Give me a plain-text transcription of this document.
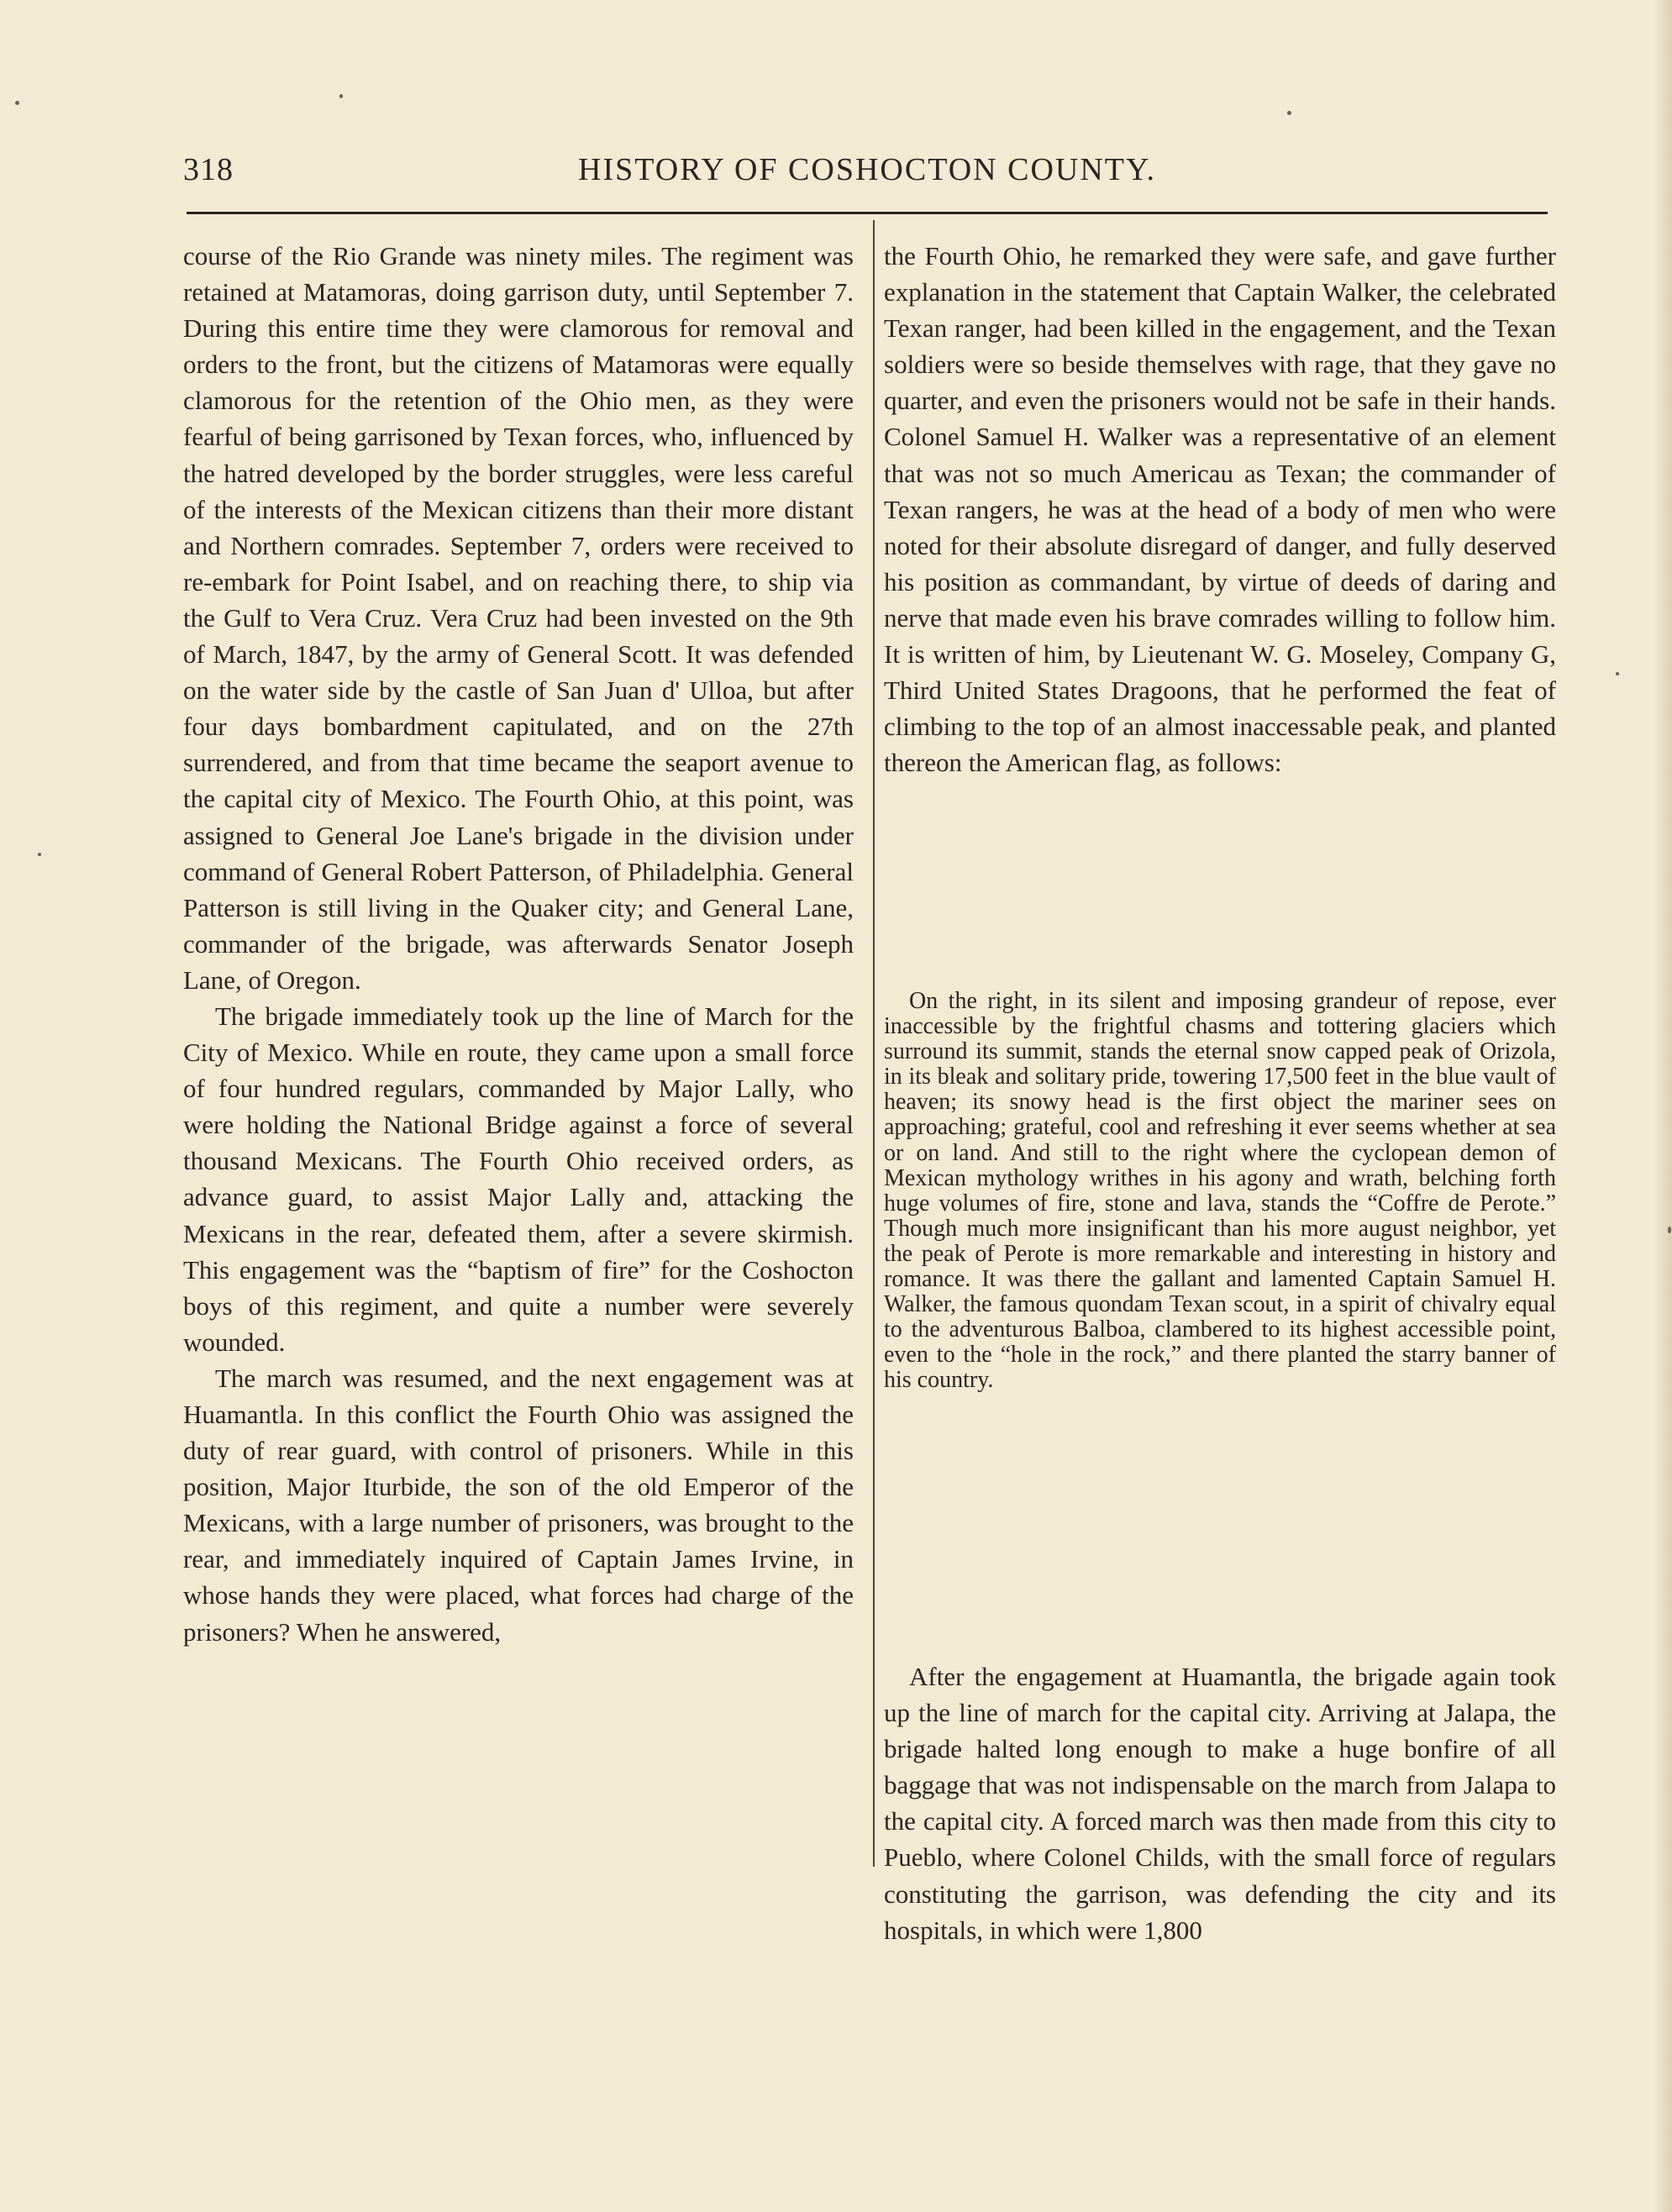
318	HISTORY OF COSHOCTON COUNTY.

course of the Rio Grande was ninety miles. The regiment was retained at Matamoras, doing garrison duty, until September 7. During this entire time they were clamorous for removal and orders to the front, but the citizens of Matamoras were equally clamorous for the retention of the Ohio men, as they were fearful of being garrisoned by Texan forces, who, influenced by the hatred developed by the border struggles, were less careful of the interests of the Mexican citizens than their more distant and Northern comrades. September 7, orders were received to re-embark for Point Isabel, and on reaching there, to ship via the Gulf to Vera Cruz. Vera Cruz had been invested on the 9th of March, 1847, by the army of General Scott. It was defended on the water side by the castle of San Juan d' Ulloa, but after four days bombardment capitulated, and on the 27th surrendered, and from that time became the seaport avenue to the capital city of Mexico. The Fourth Ohio, at this point, was assigned to General Joe Lane's brigade in the division under command of General Robert Patterson, of Philadelphia. General Patterson is still living in the Quaker city; and General Lane, commander of the brigade, was afterwards Senator Joseph Lane, of Oregon.

The brigade immediately took up the line of March for the City of Mexico. While en route, they came upon a small force of four hundred regulars, commanded by Major Lally, who were holding the National Bridge against a force of several thousand Mexicans. The Fourth Ohio received orders, as advance guard, to assist Major Lally and, attacking the Mexicans in the rear, defeated them, after a severe skirmish. This engagement was the “baptism of fire” for the Coshocton boys of this regiment, and quite a number were severely wounded.

The march was resumed, and the next engagement was at Huamantla. In this conflict the Fourth Ohio was assigned the duty of rear guard, with control of prisoners. While in this position, Major Iturbide, the son of the old Emperor of the Mexicans, with a large number of prisoners, was brought to the rear, and immediately inquired of Captain James Irvine, in whose hands they were placed, what forces had charge of the prisoners? When he answered,

the Fourth Ohio, he remarked they were safe, and gave further explanation in the statement that Captain Walker, the celebrated Texan ranger, had been killed in the engagement, and the Texan soldiers were so beside themselves with rage, that they gave no quarter, and even the prisoners would not be safe in their hands. Colonel Samuel H. Walker was a representative of an element that was not so much Americau as Texan; the commander of Texan rangers, he was at the head of a body of men who were noted for their absolute disregard of danger, and fully deserved his position as commandant, by virtue of deeds of daring and nerve that made even his brave comrades willing to follow him. It is written of him, by Lieutenant W. G. Moseley, Company G, Third United States Dragoons, that he performed the feat of climbing to the top of an almost inaccessable peak, and planted thereon the American flag, as follows:

On the right, in its silent and imposing grandeur of repose, ever inaccessible by the frightful chasms and tottering glaciers which surround its summit, stands the eternal snow capped peak of Orizola, in its bleak and solitary pride, towering 17,500 feet in the blue vault of heaven; its snowy head is the first object the mariner sees on approaching; grateful, cool and refreshing it ever seems whether at sea or on land. And still to the right where the cyclopean demon of Mexican mythology writhes in his agony and wrath, belching forth huge volumes of fire, stone and lava, stands the “Coffre de Perote.” Though much more insignificant than his more august neighbor, yet the peak of Perote is more remarkable and interesting in history and romance. It was there the gallant and lamented Captain Samuel H. Walker, the famous quondam Texan scout, in a spirit of chivalry equal to the adventurous Balboa, clambered to its highest accessible point, even to the “hole in the rock,” and there planted the starry banner of his country.

After the engagement at Huamantla, the brigade again took up the line of march for the capital city. Arriving at Jalapa, the brigade halted long enough to make a huge bonfire of all baggage that was not indispensable on the march from Jalapa to the capital city. A forced march was then made from this city to Pueblo, where Colonel Childs, with the small force of regulars constituting the garrison, was defending the city and its hospitals, in which were 1,800
